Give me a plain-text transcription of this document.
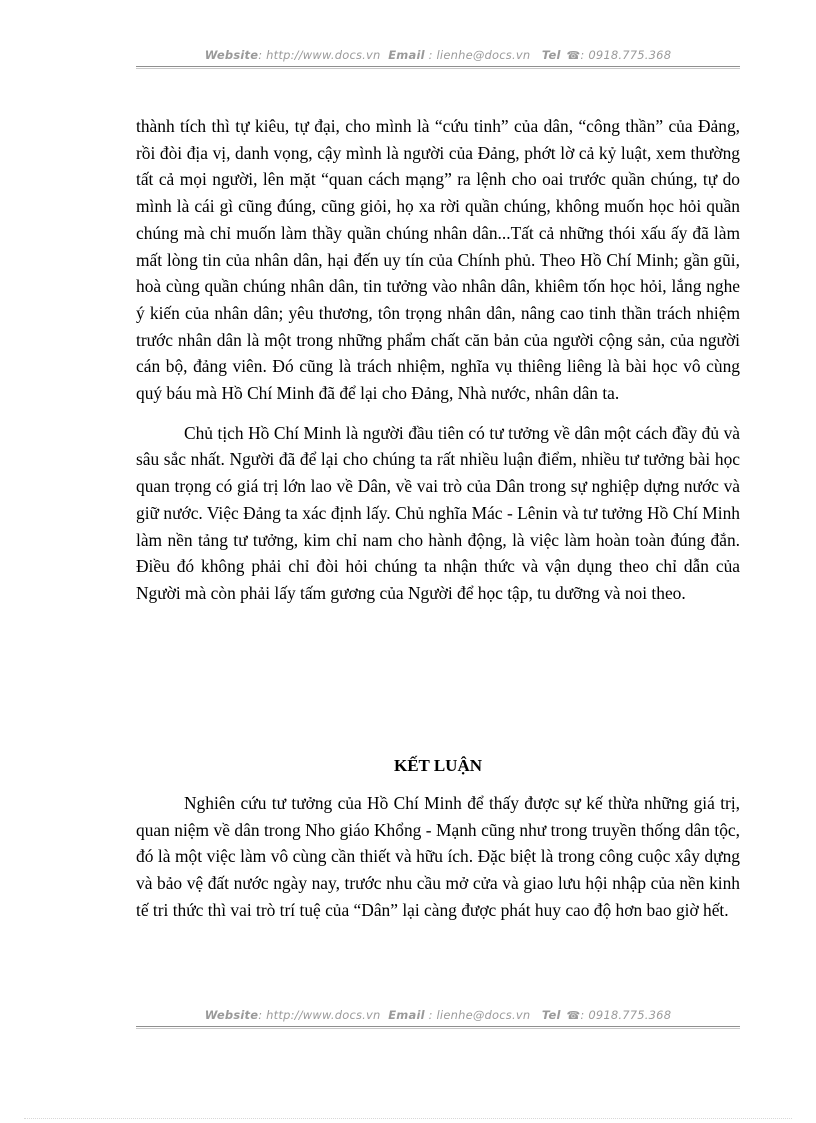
Website: http://www.docs.vn Email : lienhe@docs.vn Tel ☎: 0918.775.368

thành tích thì tự kiêu, tự đại, cho mình là “cứu tinh” của dân, “công thần” của Đảng, rồi đòi địa vị, danh vọng, cậy mình là người của Đảng, phớt lờ cả kỷ luật, xem thường tất cả mọi người, lên mặt “quan cách mạng” ra lệnh cho oai trước quần chúng, tự do mình là cái gì cũng đúng, cũng giỏi, họ xa rời quần chúng, không muốn học hỏi quần chúng mà chỉ muốn làm thầy quần chúng nhân dân...Tất cả những thói xấu ấy đã làm mất lòng tin của nhân dân, hại đến uy tín của Chính phủ. Theo Hồ Chí Minh; gần gũi, hoà cùng quần chúng nhân dân, tin tưởng vào nhân dân, khiêm tốn học hỏi, lắng nghe ý kiến của nhân dân; yêu thương, tôn trọng nhân dân, nâng cao tinh thần trách nhiệm trước nhân dân là một trong những phẩm chất căn bản của người cộng sản, của người cán bộ, đảng viên. Đó cũng là trách nhiệm, nghĩa vụ thiêng liêng là bài học vô cùng quý báu mà Hồ Chí Minh đã để lại cho Đảng, Nhà nước, nhân dân ta.

Chủ tịch Hồ Chí Minh là người đầu tiên có tư tưởng về dân một cách đầy đủ và sâu sắc nhất. Người đã để lại cho chúng ta rất nhiều luận điểm, nhiều tư tưởng bài học quan trọng có giá trị lớn lao về Dân, về vai trò của Dân trong sự nghiệp dựng nước và giữ nước. Việc Đảng ta xác định lấy. Chủ nghĩa Mác - Lênin và tư tưởng Hồ Chí Minh làm nền tảng tư tưởng, kim chỉ nam cho hành động, là việc làm hoàn toàn đúng đắn. Điều đó không phải chỉ đòi hỏi chúng ta nhận thức và vận dụng theo chỉ dẫn của Người mà còn phải lấy tấm gương của Người để học tập, tu dưỡng và noi theo.

KẾT LUẬN

Nghiên cứu tư tưởng của Hồ Chí Minh để thấy được sự kế thừa những giá trị, quan niệm về dân trong Nho giáo Khổng - Mạnh cũng như trong truyền thống dân tộc, đó là một việc làm vô cùng cần thiết và hữu ích. Đặc biệt là trong công cuộc xây dựng và bảo vệ đất nước ngày nay, trước nhu cầu mở cửa và giao lưu hội nhập của nền kinh tế tri thức thì vai trò trí tuệ của “Dân” lại càng được phát huy cao độ hơn bao giờ hết.

Website: http://www.docs.vn Email : lienhe@docs.vn Tel ☎: 0918.775.368
